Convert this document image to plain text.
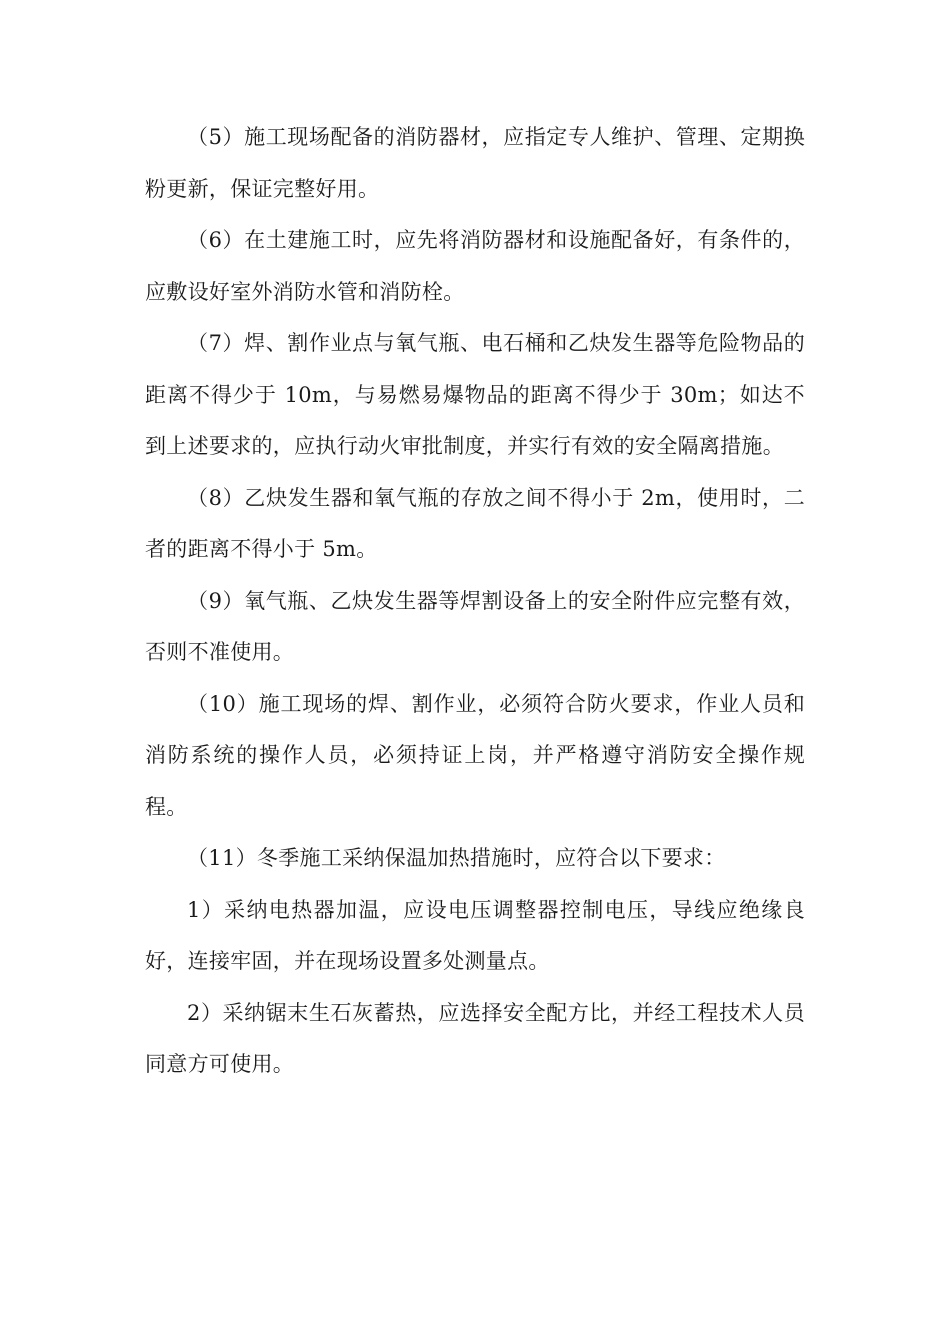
（5）施工现场配备的消防器材，应指定专人维护、管理、定期换粉更新，保证完整好用。

（6）在土建施工时，应先将消防器材和设施配备好，有条件的，应敷设好室外消防水管和消防栓。

（7）焊、割作业点与氧气瓶、电石桶和乙炔发生器等危险物品的距离不得少于 10m，与易燃易爆物品的距离不得少于 30m；如达不到上述要求的，应执行动火审批制度，并实行有效的安全隔离措施。

（8）乙炔发生器和氧气瓶的存放之间不得小于 2m，使用时，二者的距离不得小于 5m。

（9）氧气瓶、乙炔发生器等焊割设备上的安全附件应完整有效，否则不准使用。

（10）施工现场的焊、割作业，必须符合防火要求，作业人员和消防系统的操作人员，必须持证上岗，并严格遵守消防安全操作规程。

（11）冬季施工采纳保温加热措施时，应符合以下要求：

1）采纳电热器加温，应设电压调整器控制电压，导线应绝缘良好，连接牢固，并在现场设置多处测量点。

2）采纳锯末生石灰蓄热，应选择安全配方比，并经工程技术人员同意方可使用。
